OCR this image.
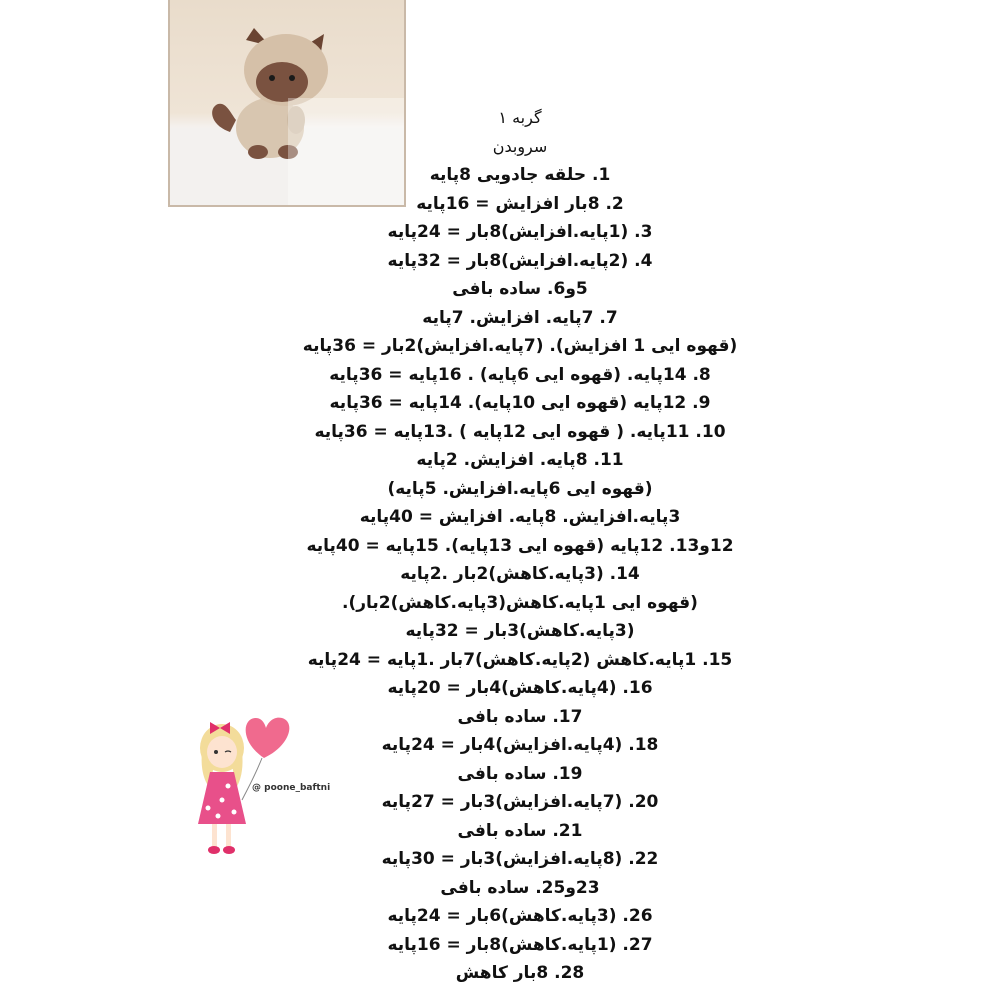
گربه ۱
سروبدن
1. حلقه جادویی 8پایه
2. 8بار افزایش = 16پایه
3. (1پایه.افزایش)8بار = 24پایه
4. (2پایه.افزایش)8بار = 32پایه
5و6. ساده بافی
7. 7پایه. افزایش. 7پایه
(قهوه ایی 1 افزایش). (7پایه.افزایش)2بار = 36پایه
8. 14پایه. (قهوه ایی 6پایه) . 16پایه = 36پایه
9. 12پایه (قهوه ایی 10پایه). 14پایه = 36پایه
10. 11پایه. ( قهوه ایی 12پایه ) .13پایه = 36پایه
11. 8پایه. افزایش. 2پایه
(قهوه ایی 6پایه.افزایش. 5پایه)
3پایه.افزایش. 8پایه. افزایش = 40پایه
12و13. 12پایه (قهوه ایی 13پایه). 15پایه = 40پایه
14. (3پایه.کاهش)2بار .2پایه
(قهوه ایی 1پایه.کاهش(3پایه.کاهش)2بار).
(3پایه.کاهش)3بار = 32پایه
15. 1پایه.کاهش (2پایه.کاهش)7بار .1پایه = 24پایه
16. (4پایه.کاهش)4بار = 20پایه
17. ساده بافی
18. (4پایه.افزایش)4بار = 24پایه
19. ساده بافی
20. (7پایه.افزایش)3بار = 27پایه
21. ساده بافی
22. (8پایه.افزایش)3بار = 30پایه
23و25. ساده بافی
26. (3پایه.کاهش)6بار = 24پایه
27. (1پایه.کاهش)8بار = 16پایه
28. 8بار کاهش
@ poone_baftni
